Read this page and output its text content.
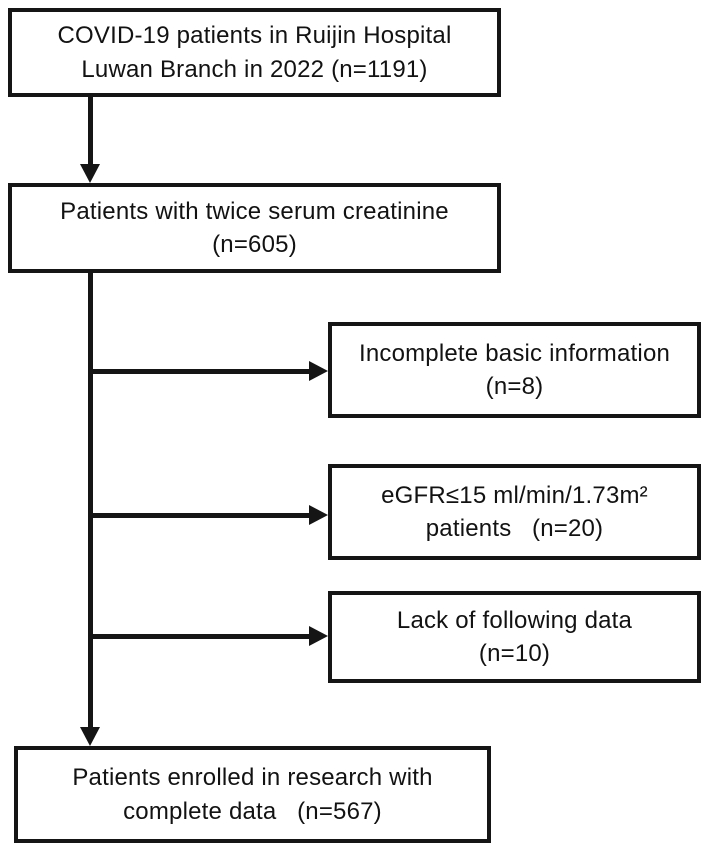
COVID-19 patients in Ruijin Hospital
Luwan Branch in 2022 (n=1191)
Patients with twice serum creatinine
(n=605)
Incomplete basic information
(n=8)
eGFR≤15 ml/min/1.73m²
patients   (n=20)
Lack of following data
(n=10)
Patients enrolled in research with
complete data   (n=567)
